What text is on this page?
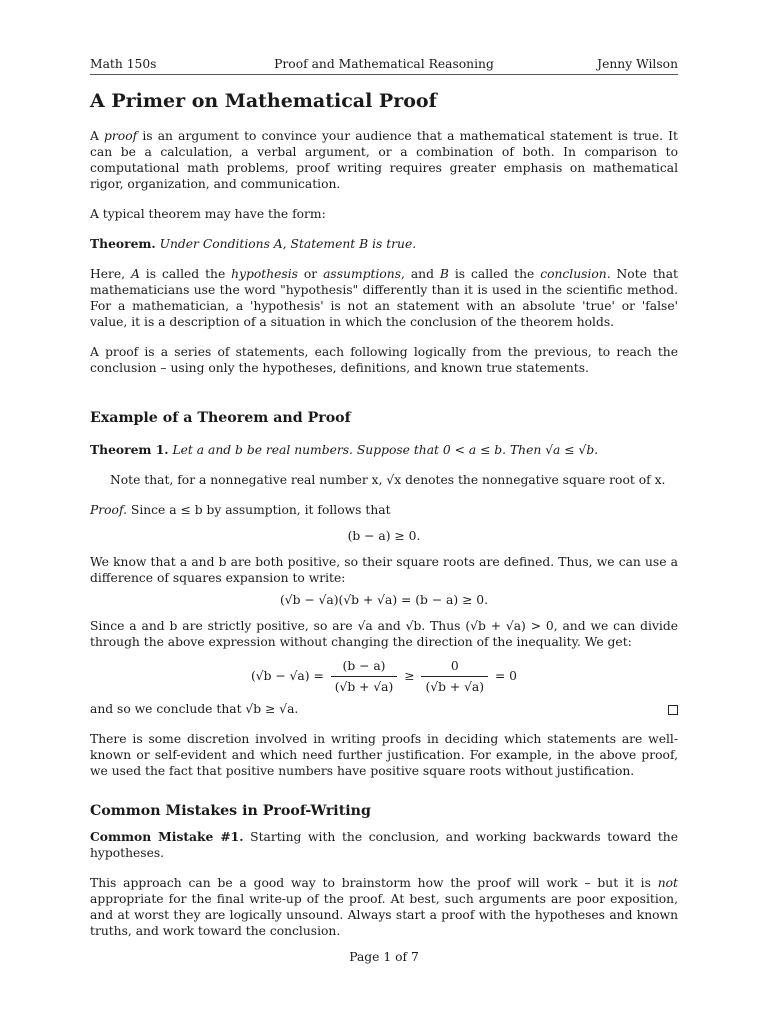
Math 150s	Proof and Mathematical Reasoning	Jenny Wilson
A Primer on Mathematical Proof

A proof is an argument to convince your audience that a mathematical statement is true. It can be a calculation, a verbal argument, or a combination of both. In comparison to computational math problems, proof writing requires greater emphasis on mathematical rigor, organization, and communication.

A typical theorem may have the form:

Theorem. Under Conditions A, Statement B is true.

Here, A is called the hypothesis or assumptions, and B is called the conclusion. Note that mathematicians use the word "hypothesis" differently than it is used in the scientific method. For a mathematician, a 'hypothesis' is not an statement with an absolute 'true' or 'false' value, it is a description of a situation in which the conclusion of the theorem holds.

A proof is a series of statements, each following logically from the previous, to reach the conclusion – using only the hypotheses, definitions, and known true statements.

Example of a Theorem and Proof

Theorem 1. Let a and b be real numbers. Suppose that 0 < a ≤ b. Then √a ≤ √b.

Note that, for a nonnegative real number x, √x denotes the nonnegative square root of x.

Proof. Since a ≤ b by assumption, it follows that

(b − a) ≥ 0.

We know that a and b are both positive, so their square roots are defined. Thus, we can use a difference of squares expansion to write:

(√b − √a)(√b + √a) = (b − a) ≥ 0.

Since a and b are strictly positive, so are √a and √b. Thus (√b + √a) > 0, and we can divide through the above expression without changing the direction of the inequality. We get:

$(√b - √a) = \frac{(b - a)}{(√b + √a)} \ge \frac{0}{(√b + √a)} = 0$

and so we conclude that √b ≥ √a.

There is some discretion involved in writing proofs in deciding which statements are well-known or self-evident and which need further justification. For example, in the above proof, we used the fact that positive numbers have positive square roots without justification.

Common Mistakes in Proof-Writing

Common Mistake #1. Starting with the conclusion, and working backwards toward the hypotheses.

This approach can be a good way to brainstorm how the proof will work – but it is not appropriate for the final write-up of the proof. At best, such arguments are poor exposition, and at worst they are logically unsound. Always start a proof with the hypotheses and known truths, and work toward the conclusion.

Page 1 of 7
